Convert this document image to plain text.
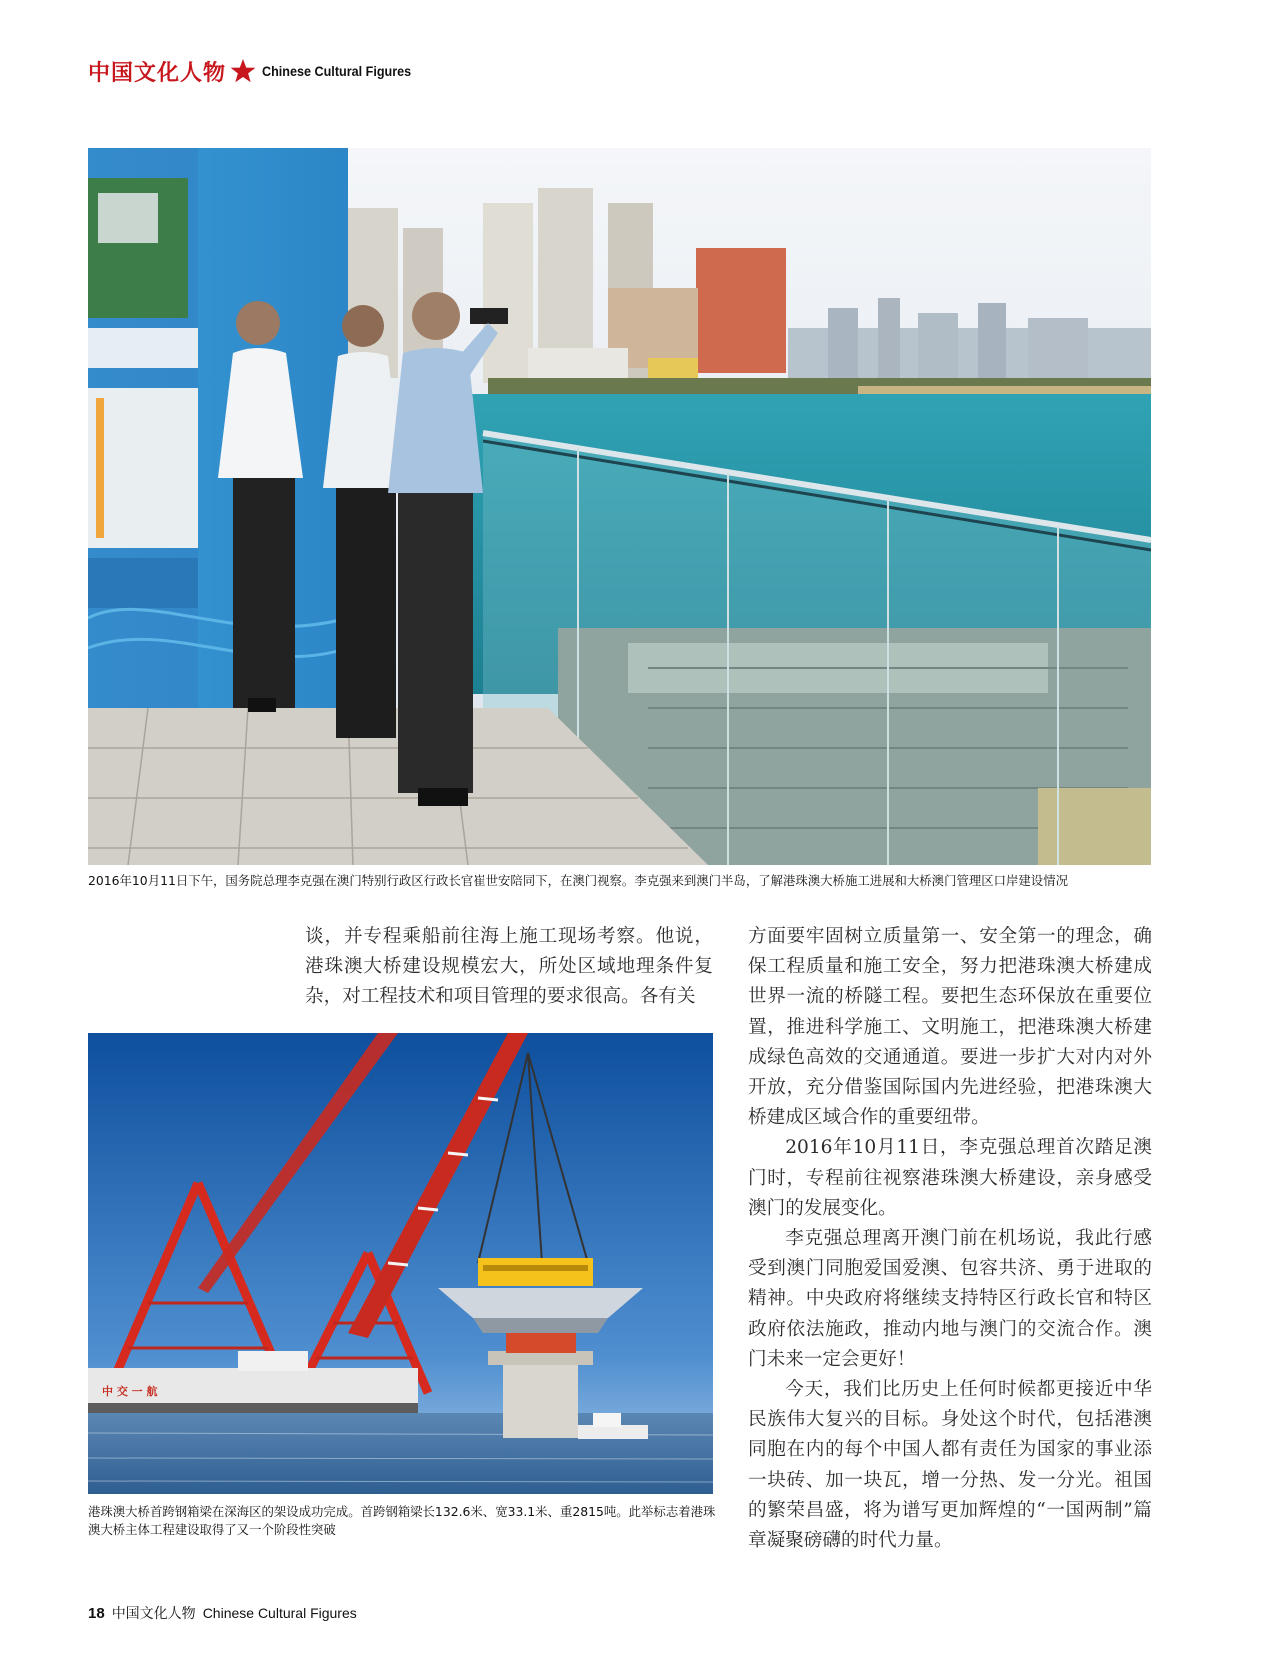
中国文化人物	Chinese Cultural Figures
2016年10月11日下午，国务院总理李克强在澳门特别行政区行政长官崔世安陪同下，在澳门视察。李克强来到澳门半岛，了解港珠澳大桥施工进展和大桥澳门管理区口岸建设情况

谈，并专程乘船前往海上施工现场考察。他说，港珠澳大桥建设规模宏大，所处区域地理条件复杂，对工程技术和项目管理的要求很高。各有关

中 交 一 航
港珠澳大桥首跨钢箱梁在深海区的架设成功完成。首跨钢箱梁长132.6米、宽33.1米、重2815吨。此举标志着港珠澳大桥主体工程建设取得了又一个阶段性突破

方面要牢固树立质量第一、安全第一的理念，确保工程质量和施工安全，努力把港珠澳大桥建成世界一流的桥隧工程。要把生态环保放在重要位置，推进科学施工、文明施工，把港珠澳大桥建成绿色高效的交通通道。要进一步扩大对内对外开放，充分借鉴国际国内先进经验，把港珠澳大桥建成区域合作的重要纽带。

2016年10月11日，李克强总理首次踏足澳门时，专程前往视察港珠澳大桥建设，亲身感受澳门的发展变化。

李克强总理离开澳门前在机场说，我此行感受到澳门同胞爱国爱澳、包容共济、勇于进取的精神。中央政府将继续支持特区行政长官和特区政府依法施政，推动内地与澳门的交流合作。澳门未来一定会更好！

今天，我们比历史上任何时候都更接近中华民族伟大复兴的目标。身处这个时代，包括港澳同胞在内的每个中国人都有责任为国家的事业添一块砖、加一块瓦，增一分热、发一分光。祖国的繁荣昌盛，将为谱写更加辉煌的“一国两制”篇章凝聚磅礴的时代力量。

18 中国文化人物 Chinese Cultural Figures
